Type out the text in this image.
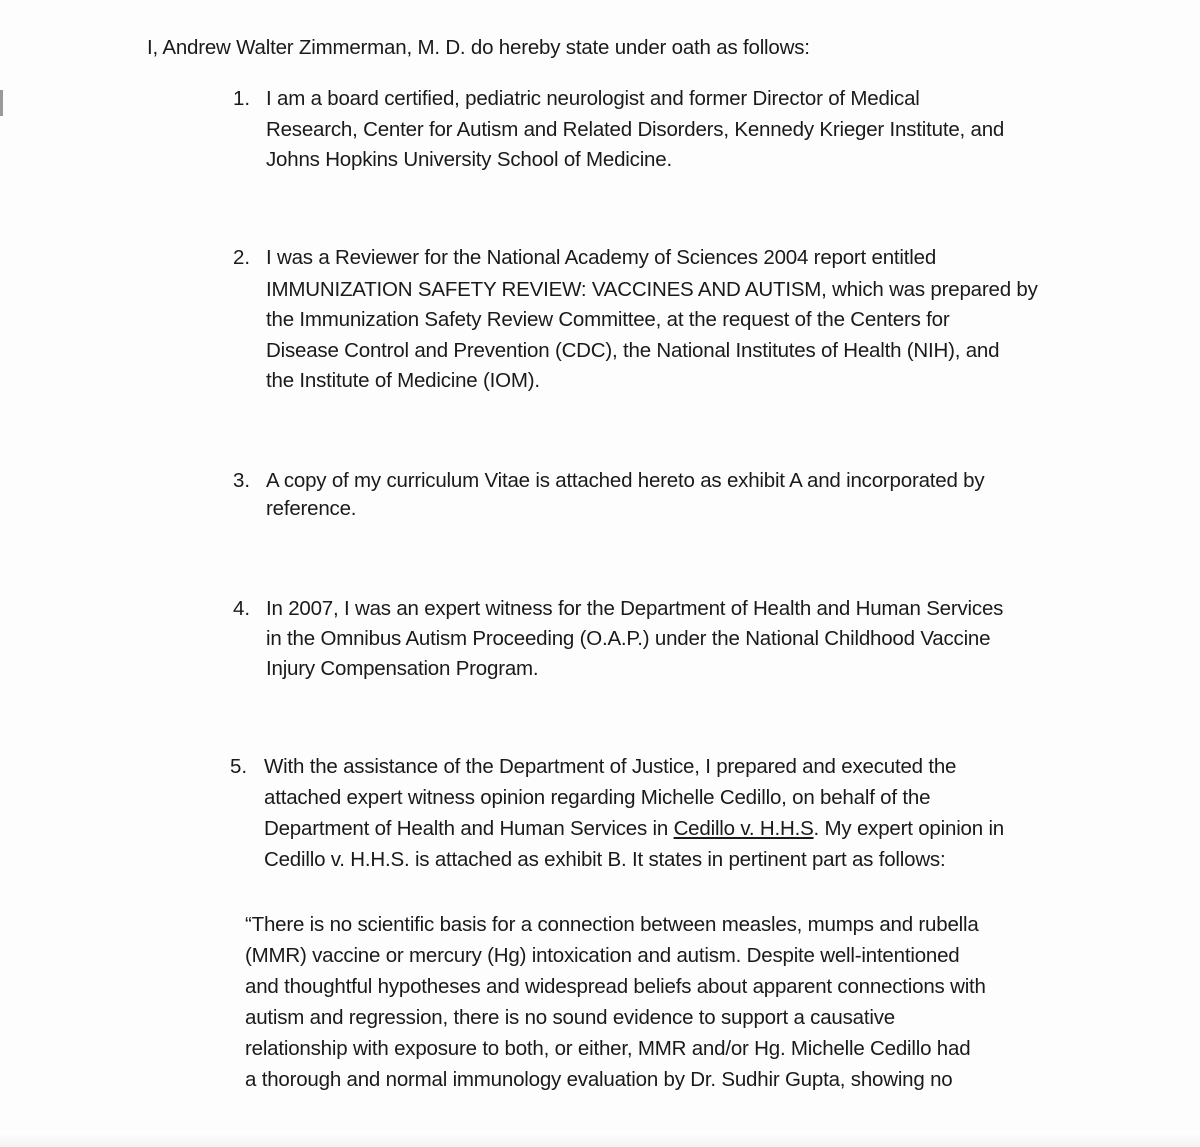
I, Andrew Walter Zimmerman, M. D. do hereby state under oath as follows:
1. I am a board certified, pediatric neurologist and former Director of Medical
Research, Center for Autism and Related Disorders, Kennedy Krieger Institute, and
Johns Hopkins University School of Medicine.
2. I was a Reviewer for the National Academy of Sciences 2004 report entitled
IMMUNIZATION SAFETY REVIEW: VACCINES AND AUTISM, which was prepared by
the Immunization Safety Review Committee, at the request of the Centers for
Disease Control and Prevention (CDC), the National Institutes of Health (NIH), and
the Institute of Medicine (IOM).
3. A copy of my curriculum Vitae is attached hereto as exhibit A and incorporated by
reference.
4. In 2007, I was an expert witness for the Department of Health and Human Services
in the Omnibus Autism Proceeding (O.A.P.) under the National Childhood Vaccine
Injury Compensation Program.
5. With the assistance of the Department of Justice, I prepared and executed the
attached expert witness opinion regarding Michelle Cedillo, on behalf of the
Department of Health and Human Services in Cedillo v. H.H.S. My expert opinion in
Cedillo v. H.H.S. is attached as exhibit B. It states in pertinent part as follows:
“There is no scientific basis for a connection between measles, mumps and rubella
(MMR) vaccine or mercury (Hg) intoxication and autism. Despite well-intentioned
and thoughtful hypotheses and widespread beliefs about apparent connections with
autism and regression, there is no sound evidence to support a causative
relationship with exposure to both, or either, MMR and/or Hg. Michelle Cedillo had
a thorough and normal immunology evaluation by Dr. Sudhir Gupta, showing no
